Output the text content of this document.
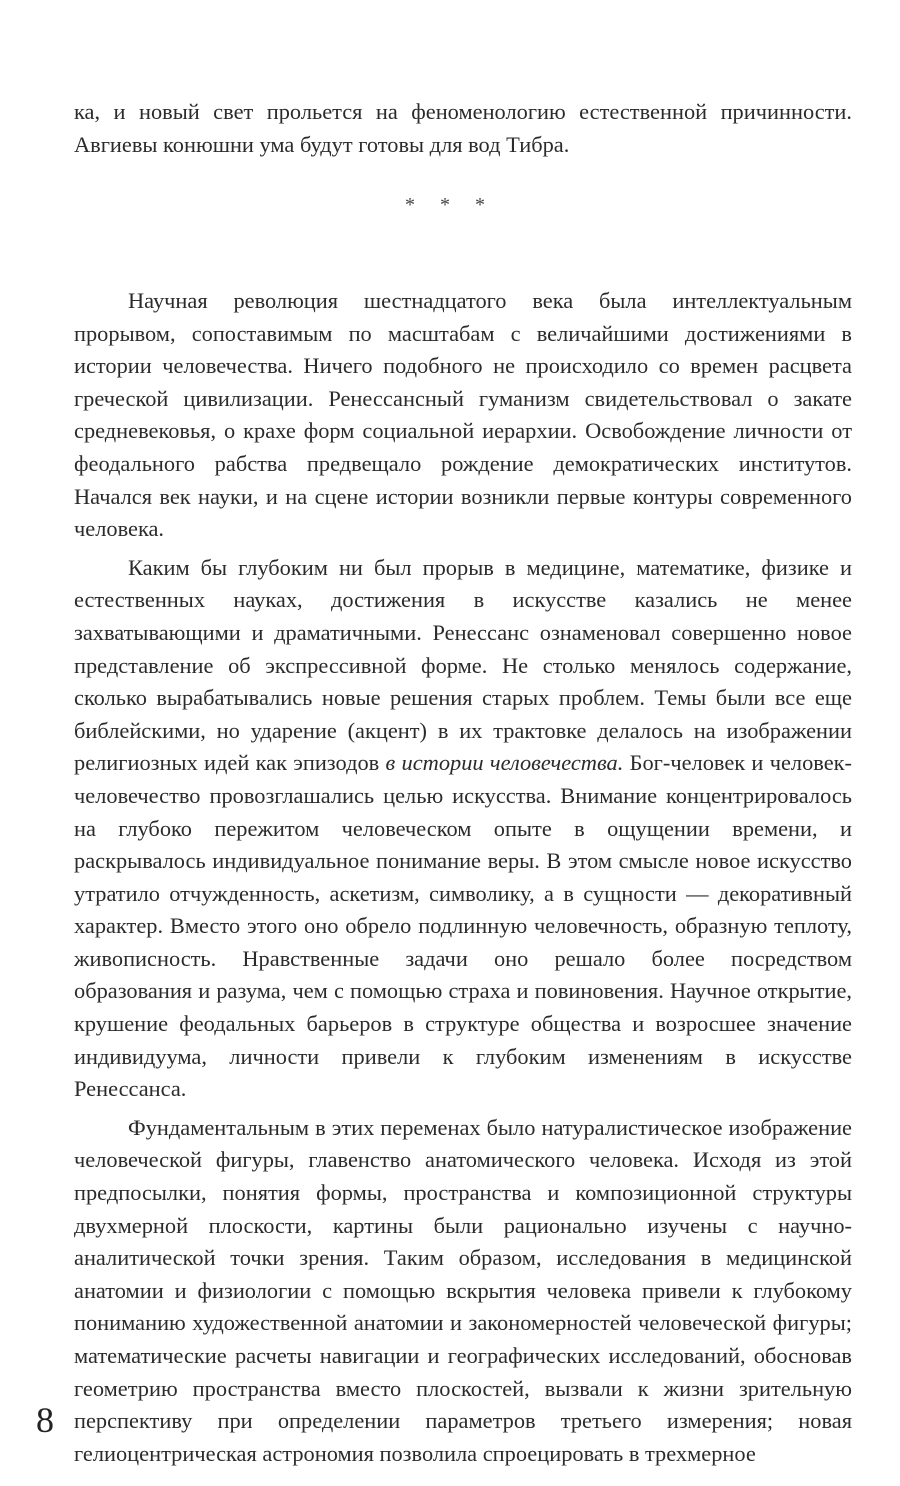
ка, и новый свет прольется на феноменологию естественной причинности. Авгиевы конюшни ума будут готовы для вод Тибра.

* * *

Научная революция шестнадцатого века была интеллектуальным прорывом, сопоставимым по масштабам с величайшими достижениями в истории человечества. Ничего подобного не происходило со времен расцвета греческой цивилизации. Ренессансный гуманизм свидетельствовал о закате средневековья, о крахе форм социальной иерархии. Освобождение личности от феодального рабства предвещало рождение демократических институтов. Начался век науки, и на сцене истории возникли первые контуры современного человека.

Каким бы глубоким ни был прорыв в медицине, математике, физике и естественных науках, достижения в искусстве казались не менее захватывающими и драматичными. Ренессанс ознаменовал совершенно новое представление об экспрессивной форме. Не столько менялось содержание, сколько вырабатывались новые решения старых проблем. Темы были все еще библейскими, но ударение (акцент) в их трактовке делалось на изображении религиозных идей как эпизодов в истории человечества. Бог-человек и человек-человечество провозглашались целью искусства. Внимание концентрировалось на глубоко пережитом человеческом опыте в ощущении времени, и раскрывалось индивидуальное понимание веры. В этом смысле новое искусство утратило отчужденность, аскетизм, символику, а в сущности — декоративный характер. Вместо этого оно обрело подлинную человечность, образную теплоту, живописность. Нравственные задачи оно решало более посредством образования и разума, чем с помощью страха и повиновения. Научное открытие, крушение феодальных барьеров в структуре общества и возросшее значение индивидуума, личности привели к глубоким изменениям в искусстве Ренессанса.

Фундаментальным в этих переменах было натуралистическое изображение человеческой фигуры, главенство анатомического человека. Исходя из этой предпосылки, понятия формы, пространства и композиционной структуры двухмерной плоскости, картины были рационально изучены с научно-аналитической точки зрения. Таким образом, исследования в медицинской анатомии и физиологии с помощью вскрытия человека привели к глубокому пониманию художественной анатомии и закономерностей человеческой фигуры; математические расчеты навигации и географических исследований, обосновав геометрию пространства вместо плоскостей, вызвали к жизни зрительную перспективу при определении параметров третьего измерения; новая гелиоцентрическая астрономия позволила спроецировать в трехмерное

8
